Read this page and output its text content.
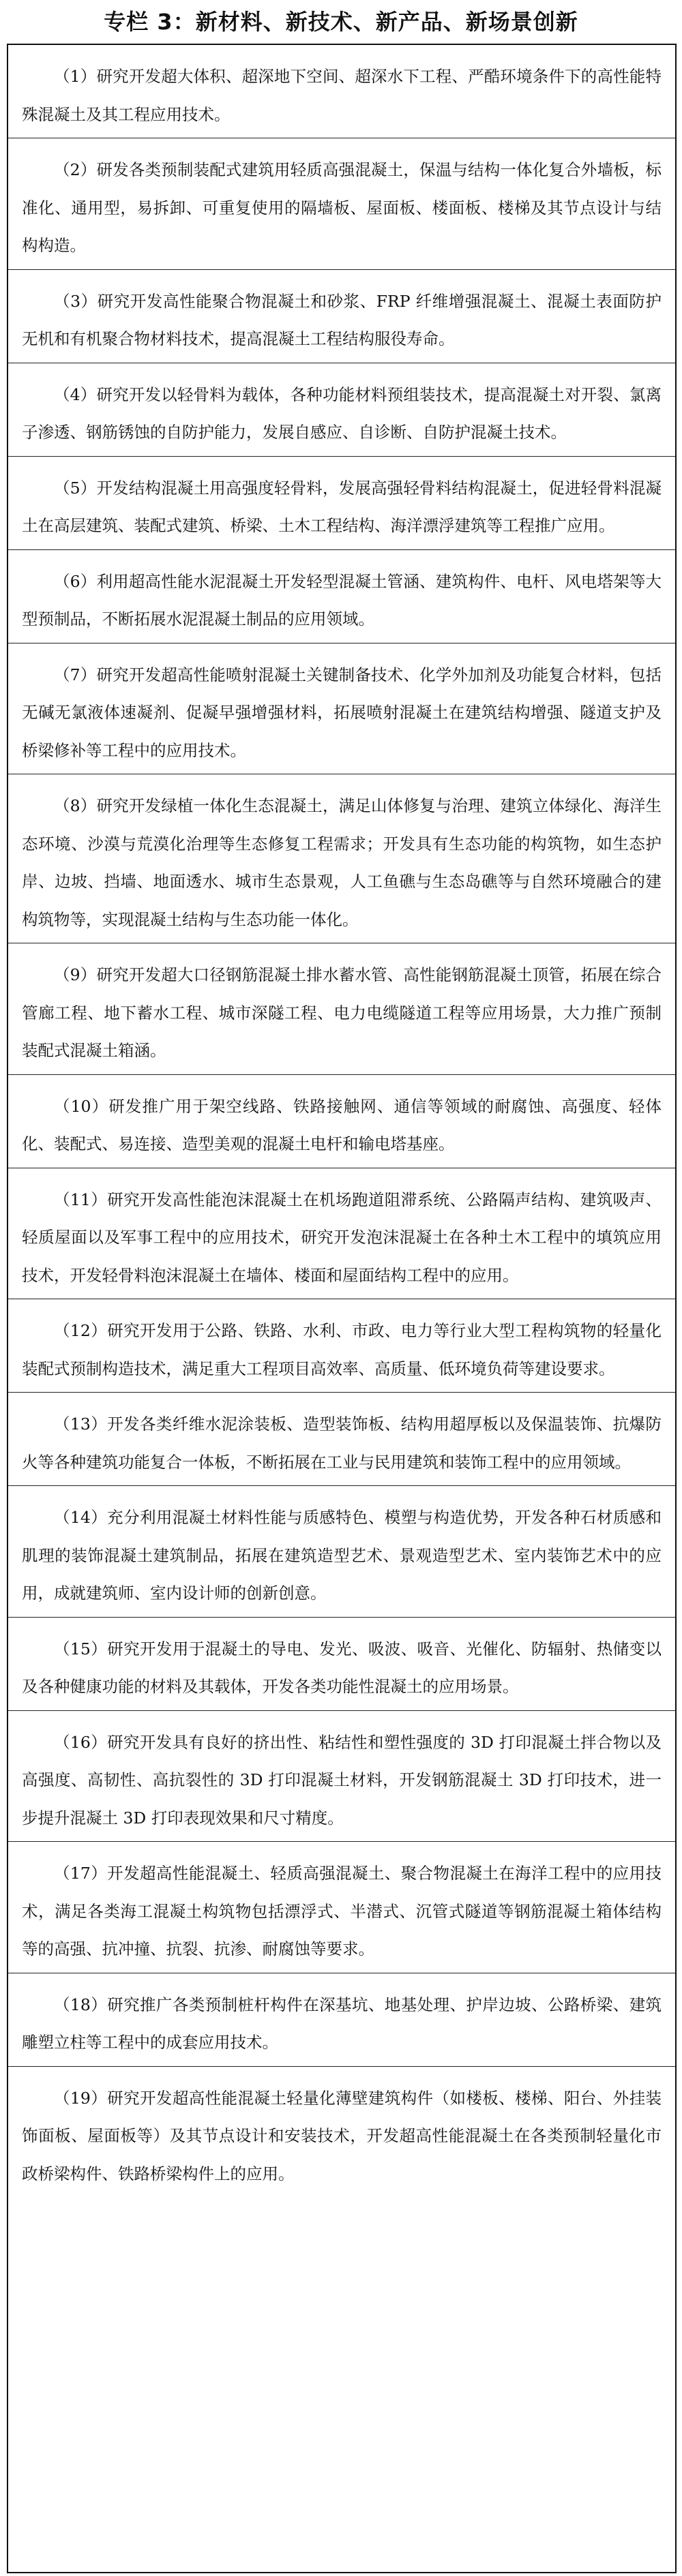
专栏 3：新材料、新技术、新产品、新场景创新
（1）研究开发超大体积、超深地下空间、超深水下工程、严酷环境条件下的高性能特殊混凝土及其工程应用技术。
（2）研发各类预制装配式建筑用轻质高强混凝土，保温与结构一体化复合外墙板，标准化、通用型，易拆卸、可重复使用的隔墙板、屋面板、楼面板、楼梯及其节点设计与结构构造。
（3）研究开发高性能聚合物混凝土和砂浆、FRP 纤维增强混凝土、混凝土表面防护无机和有机聚合物材料技术，提高混凝土工程结构服役寿命。
（4）研究开发以轻骨料为载体，各种功能材料预组装技术，提高混凝土对开裂、氯离子渗透、钢筋锈蚀的自防护能力，发展自感应、自诊断、自防护混凝土技术。
（5）开发结构混凝土用高强度轻骨料，发展高强轻骨料结构混凝土，促进轻骨料混凝土在高层建筑、装配式建筑、桥梁、土木工程结构、海洋漂浮建筑等工程推广应用。
（6）利用超高性能水泥混凝土开发轻型混凝土管涵、建筑构件、电杆、风电塔架等大型预制品，不断拓展水泥混凝土制品的应用领域。
（7）研究开发超高性能喷射混凝土关键制备技术、化学外加剂及功能复合材料，包括无碱无氯液体速凝剂、促凝早强增强材料，拓展喷射混凝土在建筑结构增强、隧道支护及桥梁修补等工程中的应用技术。
（8）研究开发绿植一体化生态混凝土，满足山体修复与治理、建筑立体绿化、海洋生态环境、沙漠与荒漠化治理等生态修复工程需求；开发具有生态功能的构筑物，如生态护岸、边坡、挡墙、地面透水、城市生态景观，人工鱼礁与生态岛礁等与自然环境融合的建构筑物等，实现混凝土结构与生态功能一体化。
（9）研究开发超大口径钢筋混凝土排水蓄水管、高性能钢筋混凝土顶管，拓展在综合管廊工程、地下蓄水工程、城市深隧工程、电力电缆隧道工程等应用场景，大力推广预制装配式混凝土箱涵。
（10）研发推广用于架空线路、铁路接触网、通信等领域的耐腐蚀、高强度、轻体化、装配式、易连接、造型美观的混凝土电杆和输电塔基座。
（11）研究开发高性能泡沫混凝土在机场跑道阻滞系统、公路隔声结构、建筑吸声、轻质屋面以及军事工程中的应用技术，研究开发泡沫混凝土在各种土木工程中的填筑应用技术，开发轻骨料泡沫混凝土在墙体、楼面和屋面结构工程中的应用。
（12）研究开发用于公路、铁路、水利、市政、电力等行业大型工程构筑物的轻量化装配式预制构造技术，满足重大工程项目高效率、高质量、低环境负荷等建设要求。
（13）开发各类纤维水泥涂装板、造型装饰板、结构用超厚板以及保温装饰、抗爆防火等各种建筑功能复合一体板，不断拓展在工业与民用建筑和装饰工程中的应用领域。
（14）充分利用混凝土材料性能与质感特色、模塑与构造优势，开发各种石材质感和肌理的装饰混凝土建筑制品，拓展在建筑造型艺术、景观造型艺术、室内装饰艺术中的应用，成就建筑师、室内设计师的创新创意。
（15）研究开发用于混凝土的导电、发光、吸波、吸音、光催化、防辐射、热储变以及各种健康功能的材料及其载体，开发各类功能性混凝土的应用场景。
（16）研究开发具有良好的挤出性、粘结性和塑性强度的 3D 打印混凝土拌合物以及高强度、高韧性、高抗裂性的 3D 打印混凝土材料，开发钢筋混凝土 3D 打印技术，进一步提升混凝土 3D 打印表现效果和尺寸精度。
（17）开发超高性能混凝土、轻质高强混凝土、聚合物混凝土在海洋工程中的应用技术，满足各类海工混凝土构筑物包括漂浮式、半潜式、沉管式隧道等钢筋混凝土箱体结构等的高强、抗冲撞、抗裂、抗渗、耐腐蚀等要求。
（18）研究推广各类预制桩杆构件在深基坑、地基处理、护岸边坡、公路桥梁、建筑雕塑立柱等工程中的成套应用技术。
（19）研究开发超高性能混凝土轻量化薄壁建筑构件（如楼板、楼梯、阳台、外挂装饰面板、屋面板等）及其节点设计和安装技术，开发超高性能混凝土在各类预制轻量化市政桥梁构件、铁路桥梁构件上的应用。
